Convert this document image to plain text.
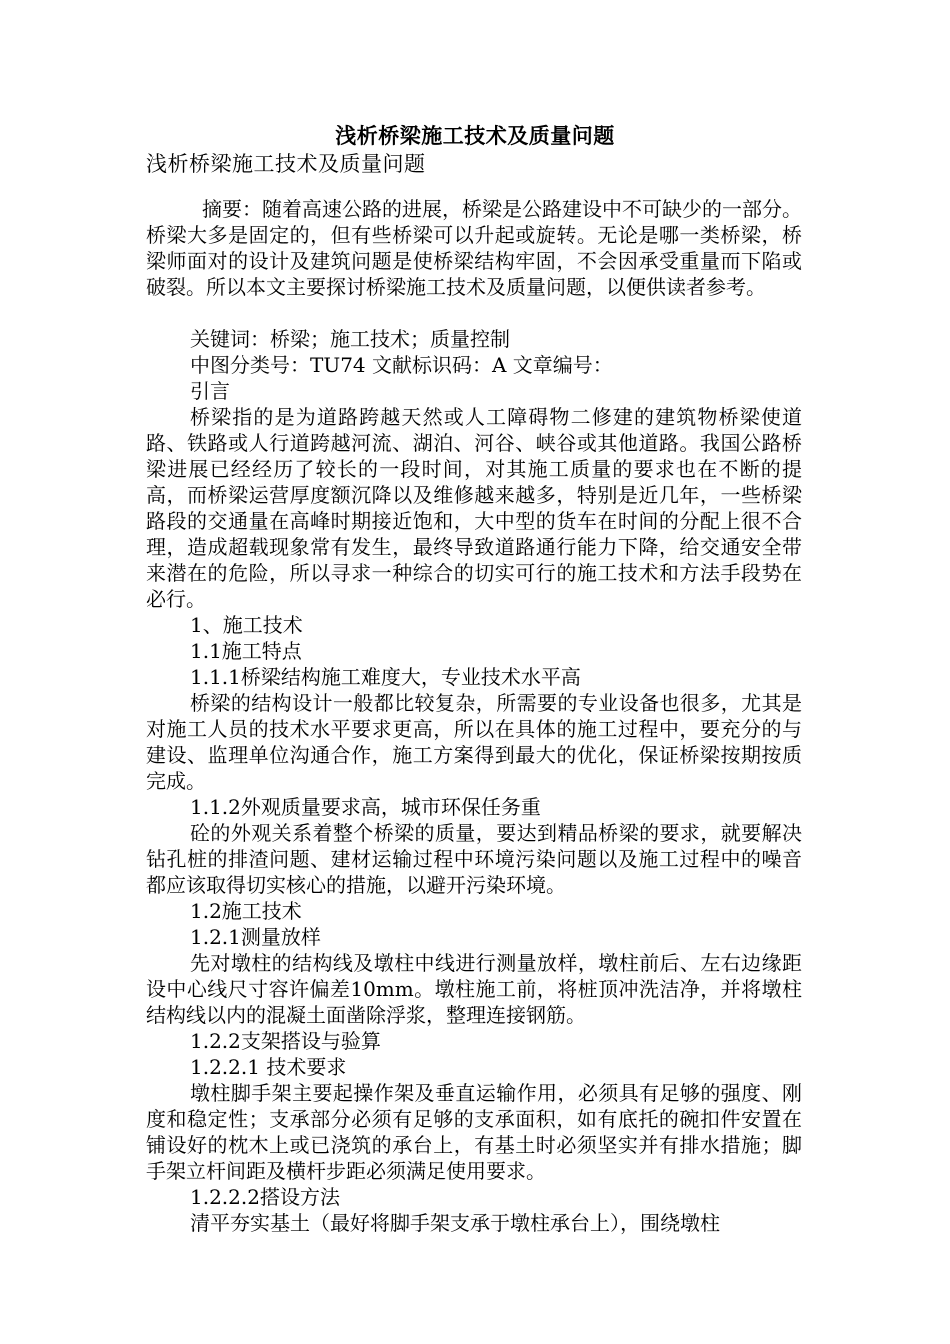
浅析桥梁施工技术及质量问题
浅析桥梁施工技术及质量问题

摘要：随着高速公路的进展，桥梁是公路建设中不可缺少的一部分。桥梁大多是固定的，但有些桥梁可以升起或旋转。无论是哪一类桥梁，桥梁师面对的设计及建筑问题是使桥梁结构牢固，不会因承受重量而下陷或破裂。所以本文主要探讨桥梁施工技术及质量问题，以便供读者参考。

关键词：桥梁；施工技术；质量控制

中图分类号：TU74 文献标识码：A 文章编号：

引言

桥梁指的是为道路跨越天然或人工障碍物二修建的建筑物桥梁使道路、铁路或人行道跨越河流、湖泊、河谷、峡谷或其他道路。我国公路桥梁进展已经经历了较长的一段时间，对其施工质量的要求也在不断的提高，而桥梁运营厚度额沉降以及维修越来越多，特别是近几年，一些桥梁路段的交通量在高峰时期接近饱和，大中型的货车在时间的分配上很不合理，造成超载现象常有发生，最终导致道路通行能力下降，给交通安全带来潜在的危险，所以寻求一种综合的切实可行的施工技术和方法手段势在必行。

1、施工技术

1.1施工特点

1.1.1桥梁结构施工难度大，专业技术水平高

桥梁的结构设计一般都比较复杂，所需要的专业设备也很多，尤其是对施工人员的技术水平要求更高，所以在具体的施工过程中，要充分的与建设、监理单位沟通合作，施工方案得到最大的优化，保证桥梁按期按质完成。

1.1.2外观质量要求高，城市环保任务重

砼的外观关系着整个桥梁的质量，要达到精品桥梁的要求，就要解决钻孔桩的排渣问题、建材运输过程中环境污染问题以及施工过程中的噪音都应该取得切实核心的措施，以避开污染环境。

1.2施工技术

1.2.1测量放样

先对墩柱的结构线及墩柱中线进行测量放样，墩柱前后、左右边缘距设中心线尺寸容许偏差10mm。墩柱施工前，将桩顶冲洗洁净，并将墩柱结构线以内的混凝土面凿除浮浆，整理连接钢筋。

1.2.2支架搭设与验算

1.2.2.1 技术要求

墩柱脚手架主要起操作架及垂直运输作用，必须具有足够的强度、刚度和稳定性；支承部分必须有足够的支承面积，如有底托的碗扣件安置在铺设好的枕木上或已浇筑的承台上，有基土时必须坚实并有排水措施；脚手架立杆间距及横杆步距必须满足使用要求。

1.2.2.2搭设方法

清平夯实基土（最好将脚手架支承于墩柱承台上），围绕墩柱
